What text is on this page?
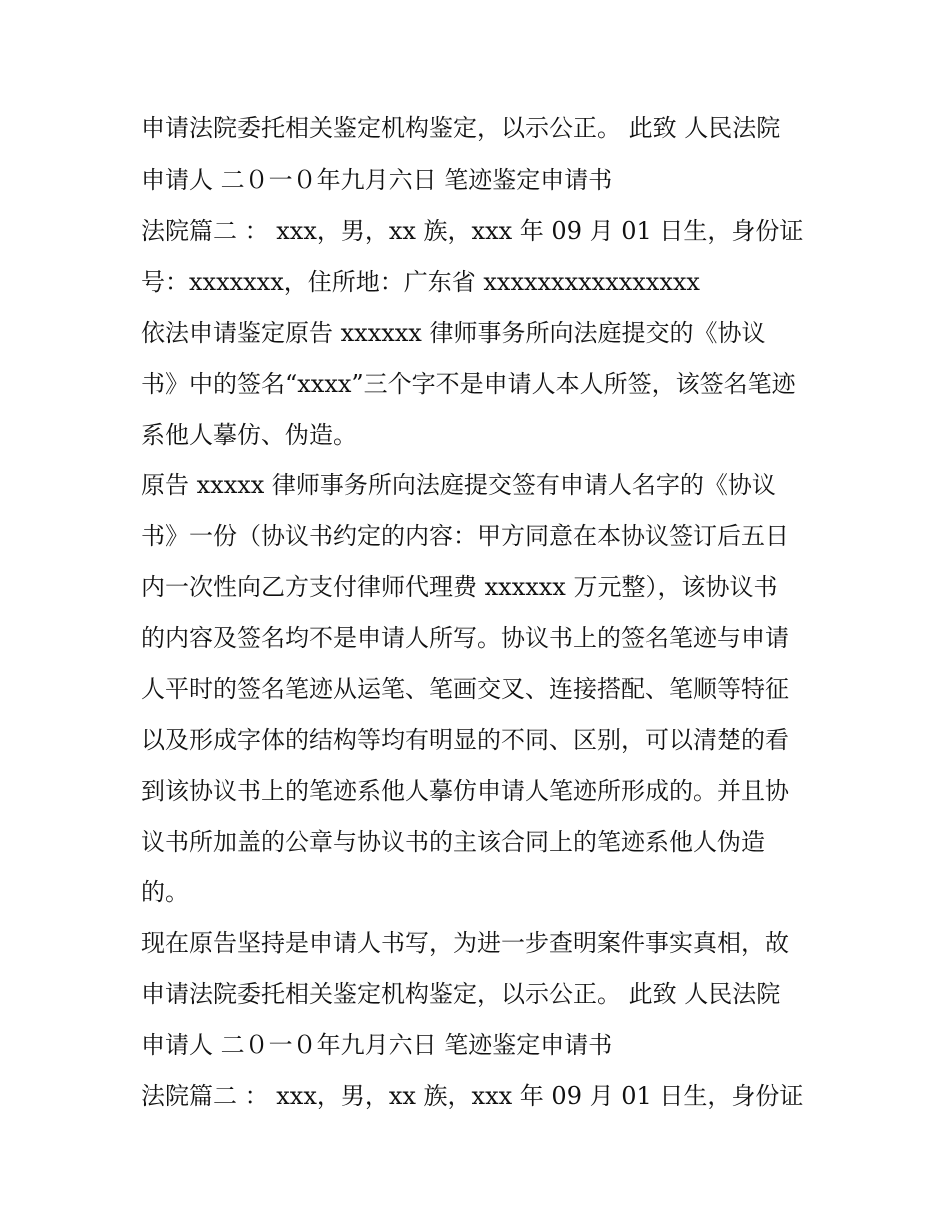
申请法院委托相关鉴定机构鉴定，以示公正。 此致 人民法院
申请人 二０一０年九月六日 笔迹鉴定申请书
法院篇二 ： xxx，男，xx 族，xxx 年 09 月 01 日生，身份证
号：xxxxxxx，住所地：广东省 xxxxxxxxxxxxxxxx
依法申请鉴定原告 xxxxxx 律师事务所向法庭提交的《协议
书》中的签名“xxxx”三个字不是申请人本人所签，该签名笔迹
系他人摹仿、伪造。
原告 xxxxx 律师事务所向法庭提交签有申请人名字的《协议
书》一份（协议书约定的内容：甲方同意在本协议签订后五日
内一次性向乙方支付律师代理费 xxxxxx 万元整），该协议书
的内容及签名均不是申请人所写。协议书上的签名笔迹与申请
人平时的签名笔迹从运笔、笔画交叉、连接搭配、笔顺等特征
以及形成字体的结构等均有明显的不同、区别，可以清楚的看
到该协议书上的笔迹系他人摹仿申请人笔迹所形成的。并且协
议书所加盖的公章与协议书的主该合同上的笔迹系他人伪造
的。
现在原告坚持是申请人书写，为进一步查明案件事实真相，故
申请法院委托相关鉴定机构鉴定，以示公正。 此致 人民法院
申请人 二０一０年九月六日 笔迹鉴定申请书
法院篇二 ： xxx，男，xx 族，xxx 年 09 月 01 日生，身份证
